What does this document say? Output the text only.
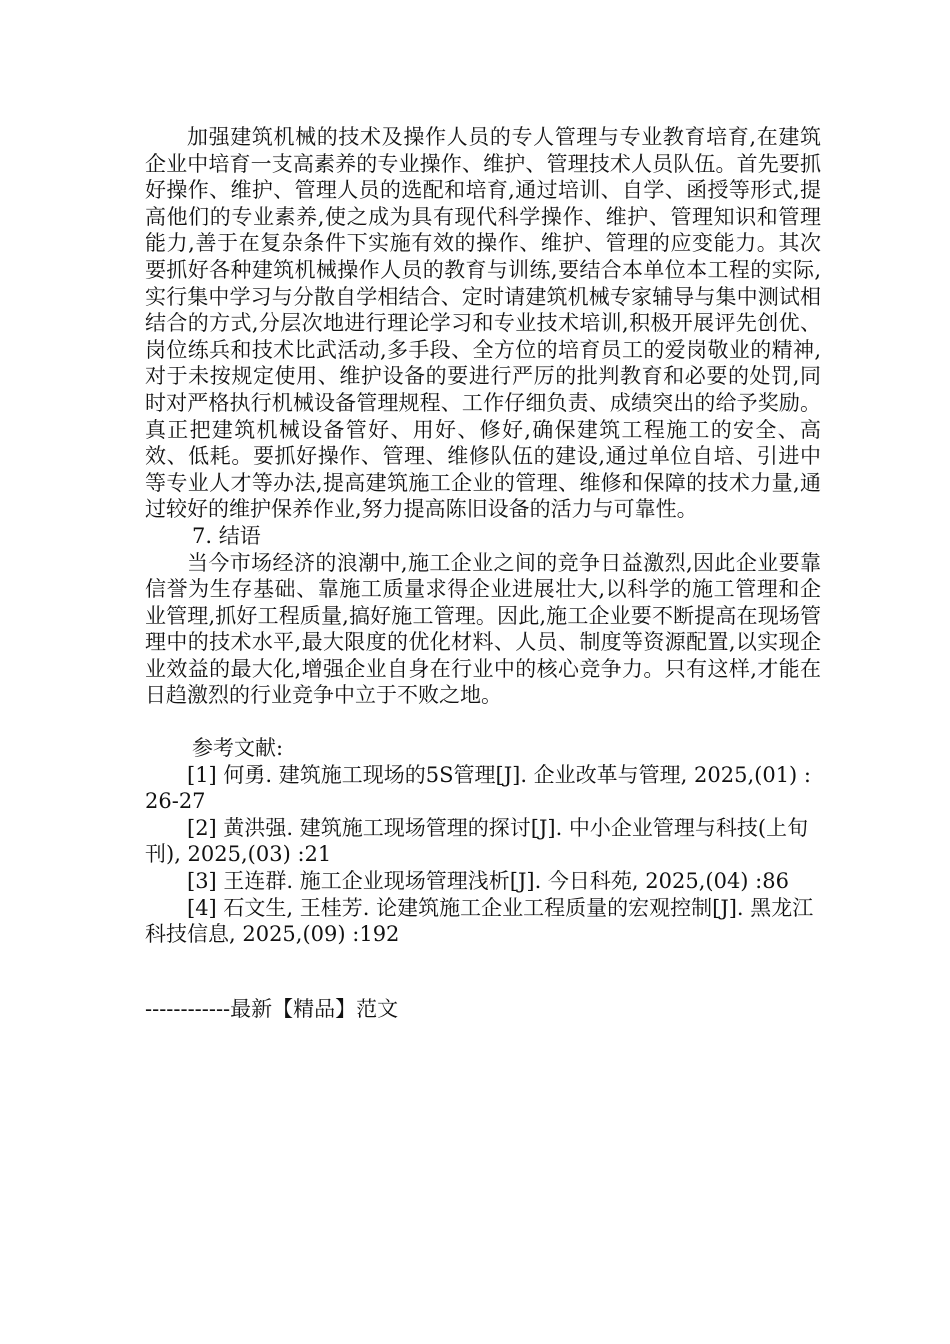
加强建筑机械的技术及操作人员的专人管理与专业教育培育,在建筑企业中培育一支高素养的专业操作、维护、管理技术人员队伍。首先要抓好操作、维护、管理人员的选配和培育,通过培训、自学、函授等形式,提高他们的专业素养,使之成为具有现代科学操作、维护、管理知识和管理能力,善于在复杂条件下实施有效的操作、维护、管理的应变能力。其次要抓好各种建筑机械操作人员的教育与训练,要结合本单位本工程的实际,实行集中学习与分散自学相结合、定时请建筑机械专家辅导与集中测试相结合的方式,分层次地进行理论学习和专业技术培训,积极开展评先创优、岗位练兵和技术比武活动,多手段、全方位的培育员工的爱岗敬业的精神,对于未按规定使用、维护设备的要进行严厉的批判教育和必要的处罚,同时对严格执行机械设备管理规程、工作仔细负责、成绩突出的给予奖励。真正把建筑机械设备管好、用好、修好,确保建筑工程施工的安全、高效、低耗。要抓好操作、管理、维修队伍的建设,通过单位自培、引进中等专业人才等办法,提高建筑施工企业的管理、维修和保障的技术力量,通过较好的维护保养作业,努力提高陈旧设备的活力与可靠性。

7. 结语

当今市场经济的浪潮中,施工企业之间的竞争日益激烈,因此企业要靠信誉为生存基础、靠施工质量求得企业进展壮大,以科学的施工管理和企业管理,抓好工程质量,搞好施工管理。因此,施工企业要不断提高在现场管理中的技术水平,最大限度的优化材料、人员、制度等资源配置,以实现企业效益的最大化,增强企业自身在行业中的核心竞争力。只有这样,才能在日趋激烈的行业竞争中立于不败之地。

参考文献:

[1] 何勇. 建筑施工现场的5S管理[J]. 企业改革与管理, 2025,(01) :26-27

[2] 黄洪强. 建筑施工现场管理的探讨[J]. 中小企业管理与科技(上旬刊), 2025,(03) :21

[3] 王连群. 施工企业现场管理浅析[J]. 今日科苑, 2025,(04) :86

[4] 石文生, 王桂芳. 论建筑施工企业工程质量的宏观控制[J]. 黑龙江科技信息, 2025,(09) :192

------------最新【精品】范文
